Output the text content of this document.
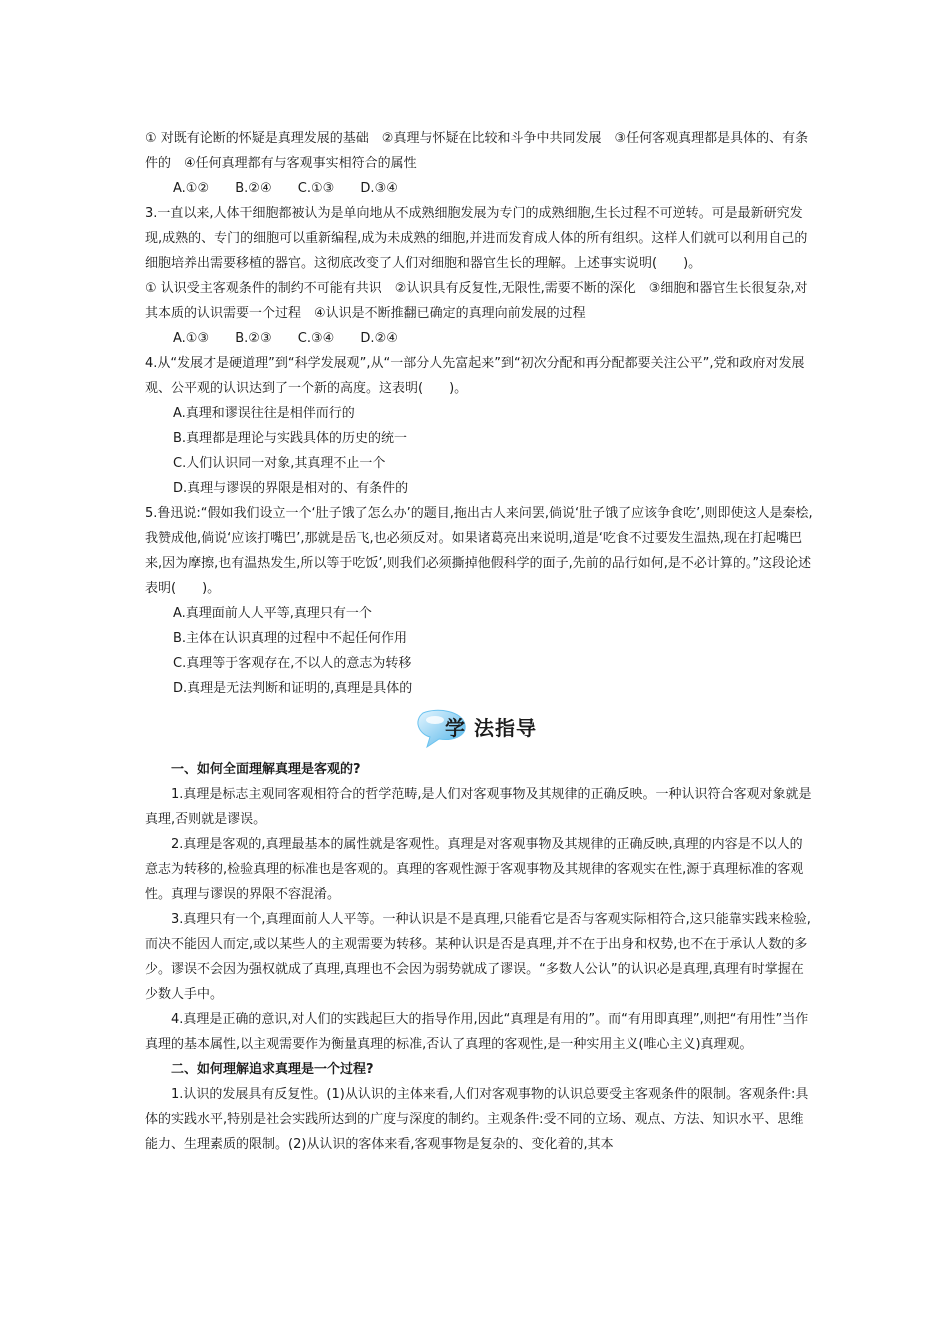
① 对既有论断的怀疑是真理发展的基础　②真理与怀疑在比较和斗争中共同发展　③任何客观真理都是具体的、有条件的　④任何真理都有与客观事实相符合的属性

A.①② B.②④ C.①③ D.③④

3.一直以来,人体干细胞都被认为是单向地从不成熟细胞发展为专门的成熟细胞,生长过程不可逆转。可是最新研究发现,成熟的、专门的细胞可以重新编程,成为未成熟的细胞,并进而发育成人体的所有组织。这样人们就可以利用自己的细胞培养出需要移植的器官。这彻底改变了人们对细胞和器官生长的理解。上述事实说明(　　)。

① 认识受主客观条件的制约不可能有共识　②认识具有反复性,无限性,需要不断的深化　③细胞和器官生长很复杂,对其本质的认识需要一个过程　④认识是不断推翻已确定的真理向前发展的过程

A.①③ B.②③ C.③④ D.②④

4.从“发展才是硬道理”到“科学发展观”,从“一部分人先富起来”到“初次分配和再分配都要关注公平”,党和政府对发展观、公平观的认识达到了一个新的高度。这表明(　　)。

A.真理和谬误往往是相伴而行的

B.真理都是理论与实践具体的历史的统一

C.人们认识同一对象,其真理不止一个

D.真理与谬误的界限是相对的、有条件的

5.鲁迅说:“假如我们设立一个‘肚子饿了怎么办’的题目,拖出古人来问罢,倘说‘肚子饿了应该争食吃’,则即使这人是秦桧,我赞成他,倘说‘应该打嘴巴’,那就是岳飞,也必须反对。如果诸葛亮出来说明,道是‘吃食不过要发生温热,现在打起嘴巴来,因为摩擦,也有温热发生,所以等于吃饭’,则我们必须撕掉他假科学的面子,先前的品行如何,是不必计算的。”这段论述表明(　　)。

A.真理面前人人平等,真理只有一个

B.主体在认识真理的过程中不起任何作用

C.真理等于客观存在,不以人的意志为转移

D.真理是无法判断和证明的,真理是具体的

学 法指导

一、如何全面理解真理是客观的?

1.真理是标志主观同客观相符合的哲学范畴,是人们对客观事物及其规律的正确反映。一种认识符合客观对象就是真理,否则就是谬误。

2.真理是客观的,真理最基本的属性就是客观性。真理是对客观事物及其规律的正确反映,真理的内容是不以人的意志为转移的,检验真理的标准也是客观的。真理的客观性源于客观事物及其规律的客观实在性,源于真理标准的客观性。真理与谬误的界限不容混淆。

3.真理只有一个,真理面前人人平等。一种认识是不是真理,只能看它是否与客观实际相符合,这只能靠实践来检验,而决不能因人而定,或以某些人的主观需要为转移。某种认识是否是真理,并不在于出身和权势,也不在于承认人数的多少。谬误不会因为强权就成了真理,真理也不会因为弱势就成了谬误。“多数人公认”的认识必是真理,真理有时掌握在少数人手中。

4.真理是正确的意识,对人们的实践起巨大的指导作用,因此“真理是有用的”。而“有用即真理”,则把“有用性”当作真理的基本属性,以主观需要作为衡量真理的标准,否认了真理的客观性,是一种实用主义(唯心主义)真理观。

二、如何理解追求真理是一个过程?

1.认识的发展具有反复性。(1)从认识的主体来看,人们对客观事物的认识总要受主客观条件的限制。客观条件:具体的实践水平,特别是社会实践所达到的广度与深度的制约。主观条件:受不同的立场、观点、方法、知识水平、思维能力、生理素质的限制。(2)从认识的客体来看,客观事物是复杂的、变化着的,其本
